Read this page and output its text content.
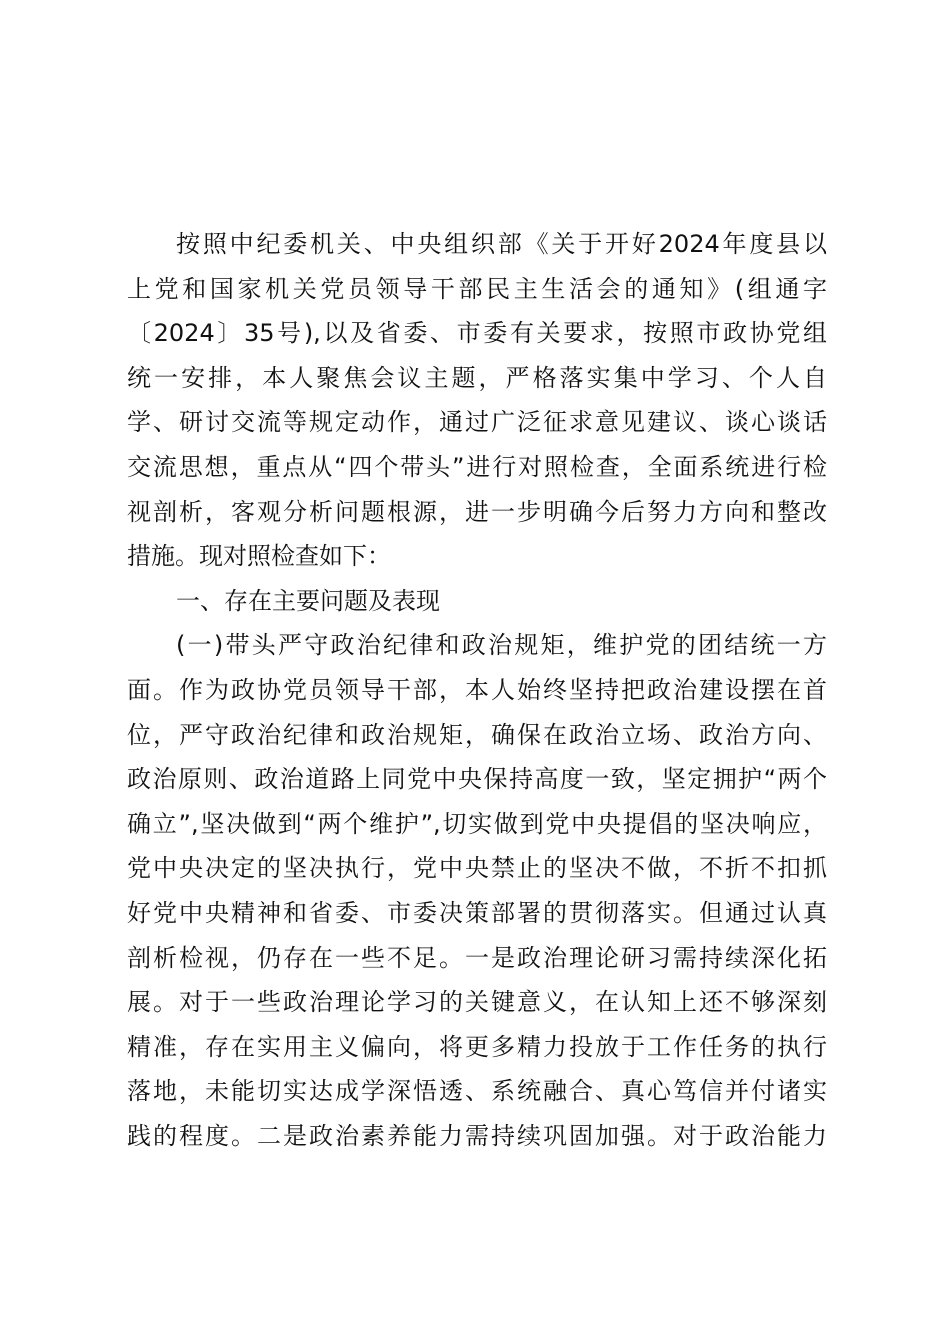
按照中纪委机关、中央组织部《关于开好2024年度县以
上党和国家机关党员领导干部民主生活会的通知》(组通字
〔2024〕35号),以及省委、市委有关要求，按照市政协党组
统一安排，本人聚焦会议主题，严格落实集中学习、个人自
学、研讨交流等规定动作，通过广泛征求意见建议、谈心谈话
交流思想，重点从“四个带头”进行对照检查，全面系统进行检
视剖析，客观分析问题根源，进一步明确今后努力方向和整改
措施。现对照检查如下：
一、存在主要问题及表现
(一)带头严守政治纪律和政治规矩，维护党的团结统一方
面。作为政协党员领导干部，本人始终坚持把政治建设摆在首
位，严守政治纪律和政治规矩，确保在政治立场、政治方向、
政治原则、政治道路上同党中央保持高度一致，坚定拥护“两个
确立”,坚决做到“两个维护”,切实做到党中央提倡的坚决响应，
党中央决定的坚决执行，党中央禁止的坚决不做，不折不扣抓
好党中央精神和省委、市委决策部署的贯彻落实。但通过认真
剖析检视，仍存在一些不足。一是政治理论研习需持续深化拓
展。对于一些政治理论学习的关键意义，在认知上还不够深刻
精准，存在实用主义偏向，将更多精力投放于工作任务的执行
落地，未能切实达成学深悟透、系统融合、真心笃信并付诸实
践的程度。二是政治素养能力需持续巩固加强。对于政治能力
